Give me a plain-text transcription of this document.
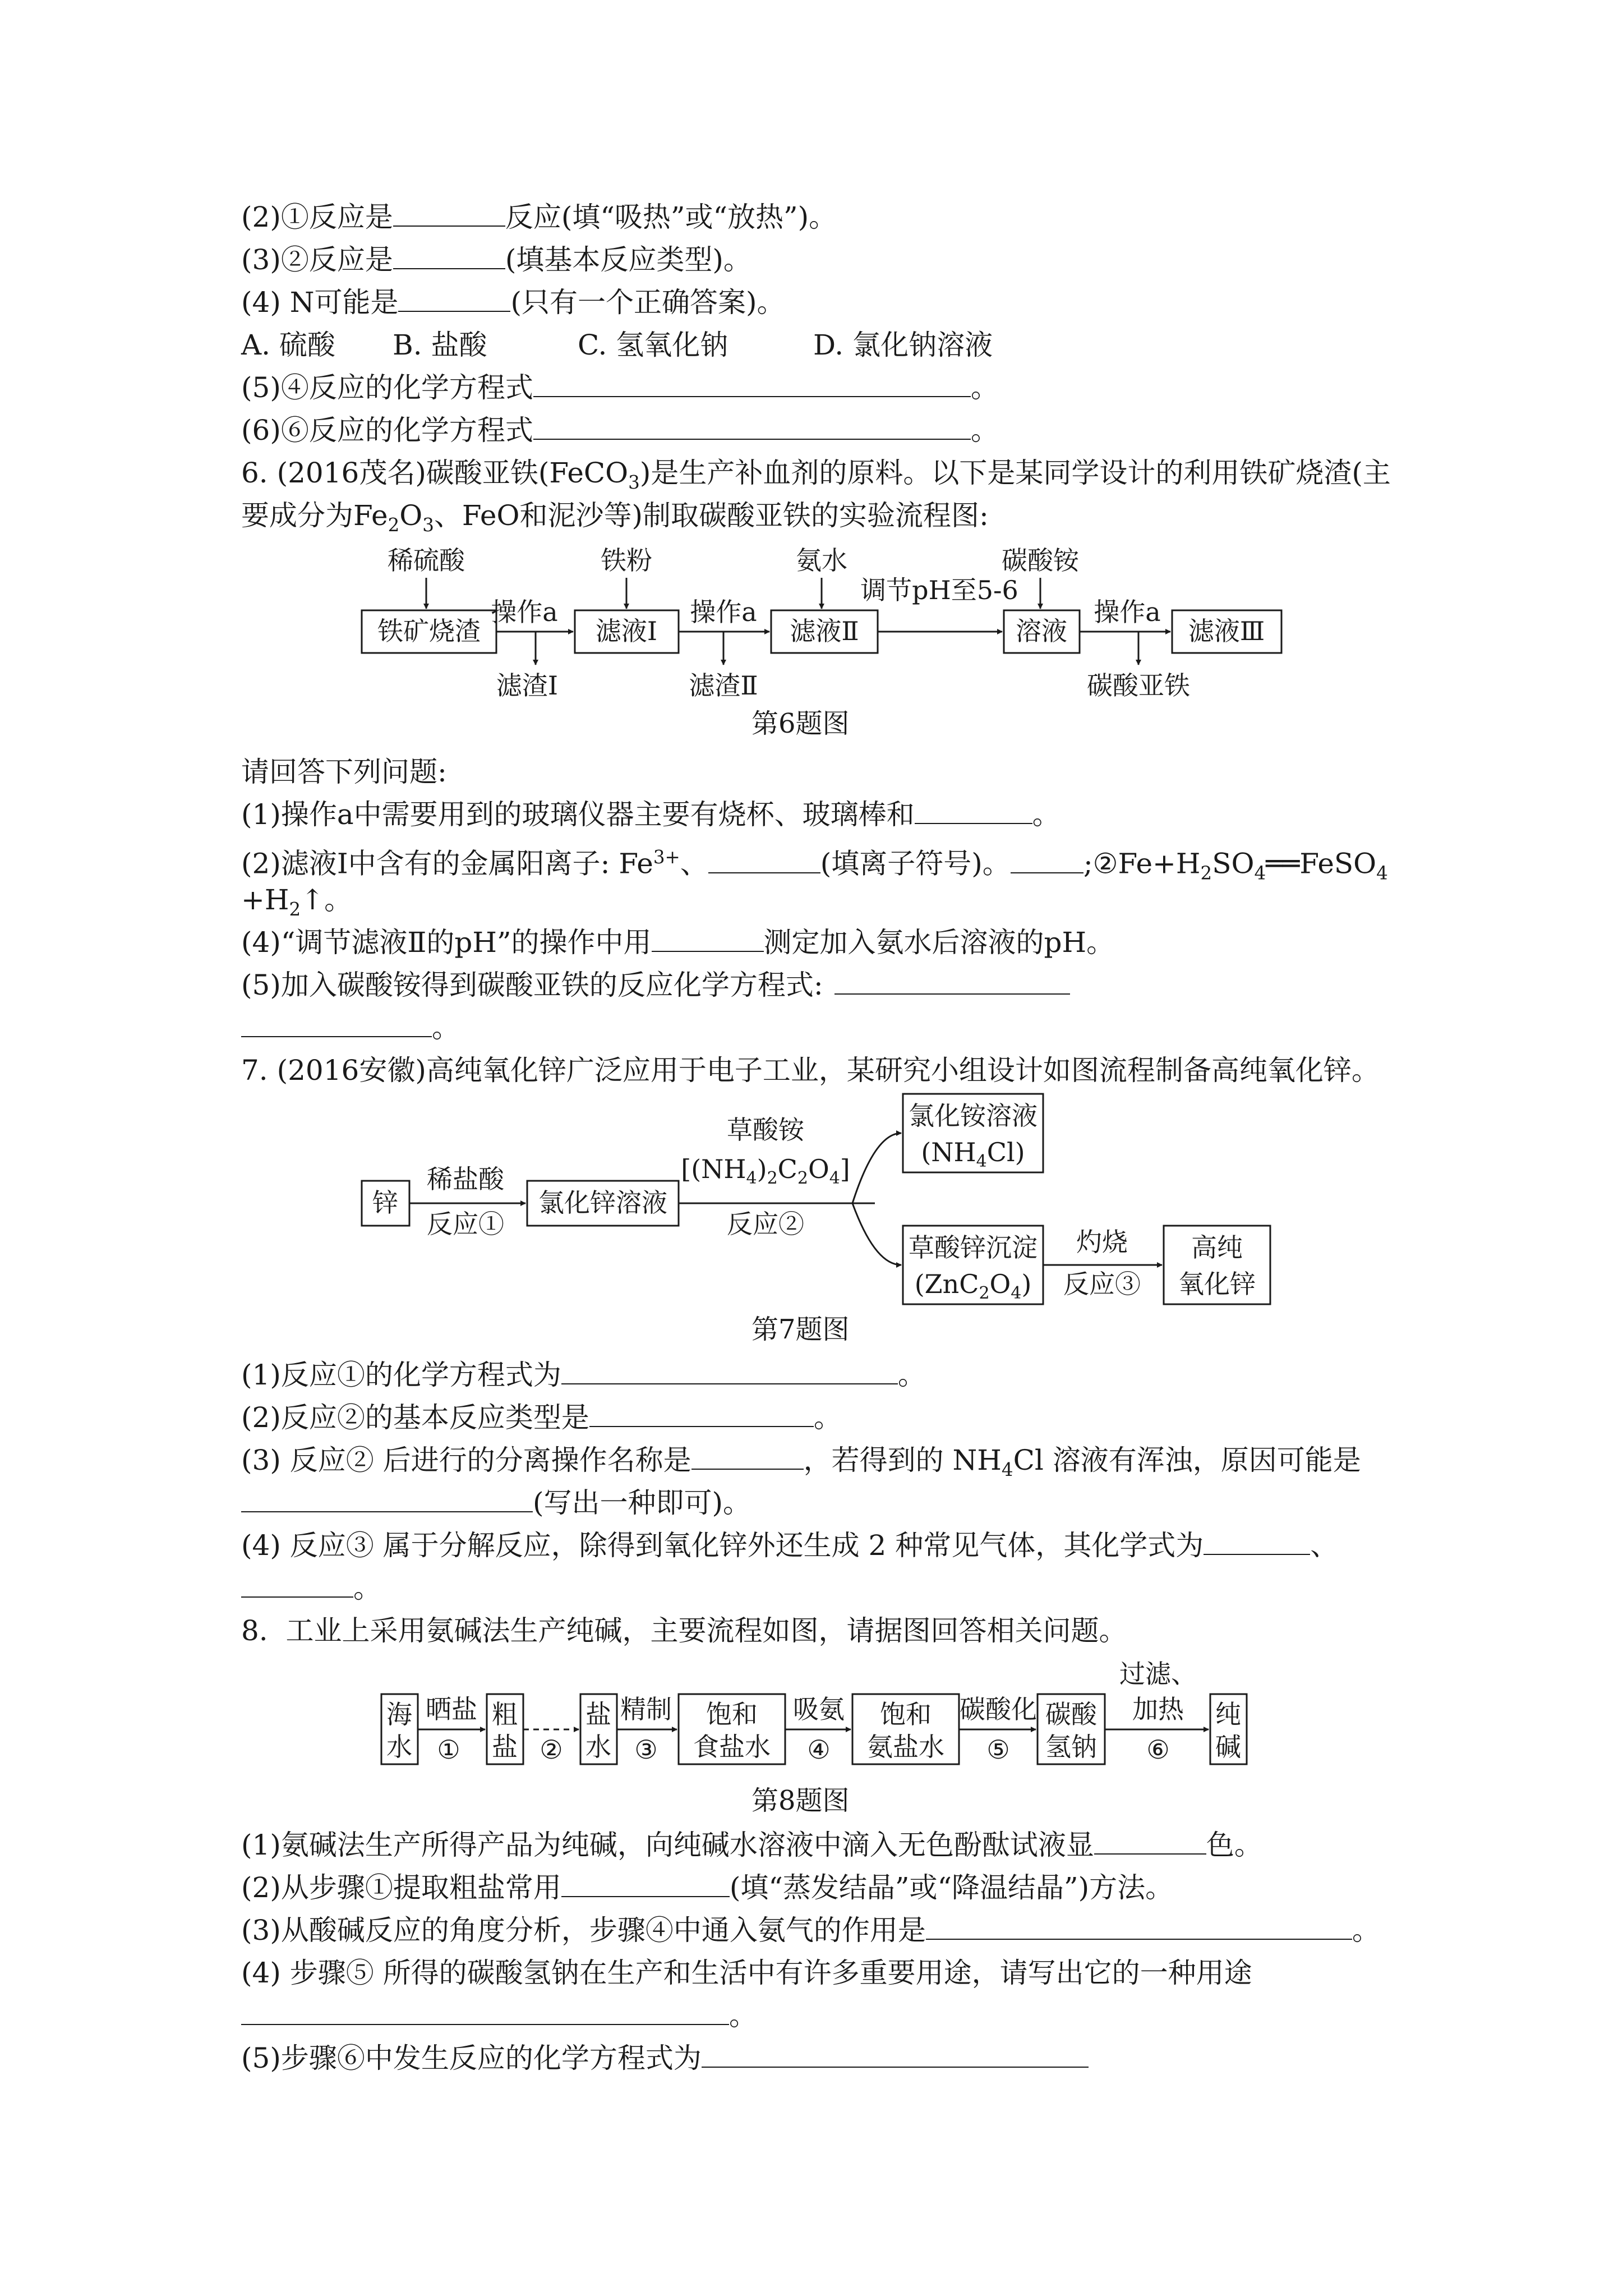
(2)①反应是	反应(填“吸热”或“放热”)。
(3)②反应是	(填基本反应类型)。
(4) N可能是	(只有一个正确答案)。
A. 硫酸 B. 盐酸	C. 氢氧化钠	D. 氯化钠溶液
(5)④反应的化学方程式	。
(6)⑥反应的化学方程式	。
6. (2016茂名)碳酸亚铁(FeCO$_3$)是生产补血剂的原料。以下是某同学设计的利用铁矿烧渣(主
要成分为$Fe_2O_3$、FeO和泥沙等)制取碳酸亚铁的实验流程图:
铁矿烧渣	滤液Ⅰ	滤液Ⅱ	溶液	滤液Ⅲ
稀硫酸	铁粉	氨水	碳酸铵
操作a	操作a
调节pH至5-6
操作a
滤渣Ⅰ	滤渣Ⅱ	碳酸亚铁
锌
稀盐酸
反应①
氯化锌溶液
草酸铵
$[(NH_4)_2C_2O_4]$
反应②
氯化铵溶液
$(NH_4Cl)$
草酸锌沉淀
$(ZnC_2O_4)$
灼烧
反应③
高纯
氧化锌
海
水
粗
盐
盐
水
饱和
食盐水
饱和
氨盐水
碳酸
氢钠
纯
碱
晒盐
①	②
精制
③
吸氨
④
碳酸化
⑤
过滤、
加热
⑥
第6题图
请回答下列问题:
(1)操作a中需要用到的玻璃仪器主要有烧杯、玻璃棒和	。
(2)滤液Ⅰ中含有的金属阳离子: $Fe^{3+}$、	(填离子符号)。	$;②Fe+H_2SO_4══FeSO_4$
$+H_2↑$。
(4)“调节滤液Ⅱ的pH”的操作中用	测定加入氨水后溶液的pH。
(5)加入碳酸铵得到碳酸亚铁的反应化学方程式:
。
7. (2016安徽)高纯氧化锌广泛应用于电子工业，某研究小组设计如图流程制备高纯氧化锌。
第7题图
(1)反应①的化学方程式为	。
(2)反应②的基本反应类型是	。
(3) 反应② 后进行的分离操作名称是	，若得到的 $NH_4Cl$ 溶液有浑浊，原因可能是
(写出一种即可)。
(4) 反应③ 属于分解反应，除得到氧化锌外还生成 2 种常见气体，其化学式为	、
。
8.  工业上采用氨碱法生产纯碱，主要流程如图，请据图回答相关问题。
第8题图
(1)氨碱法生产所得产品为纯碱，向纯碱水溶液中滴入无色酚酞试液显	色。
(2)从步骤①提取粗盐常用	(填“蒸发结晶”或“降温结晶”)方法。
(3)从酸碱反应的角度分析，步骤④中通入氨气的作用是	。
(4) 步骤⑤ 所得的碳酸氢钠在生产和生活中有许多重要用途，请写出它的一种用途
。
(5)步骤⑥中发生反应的化学方程式为
